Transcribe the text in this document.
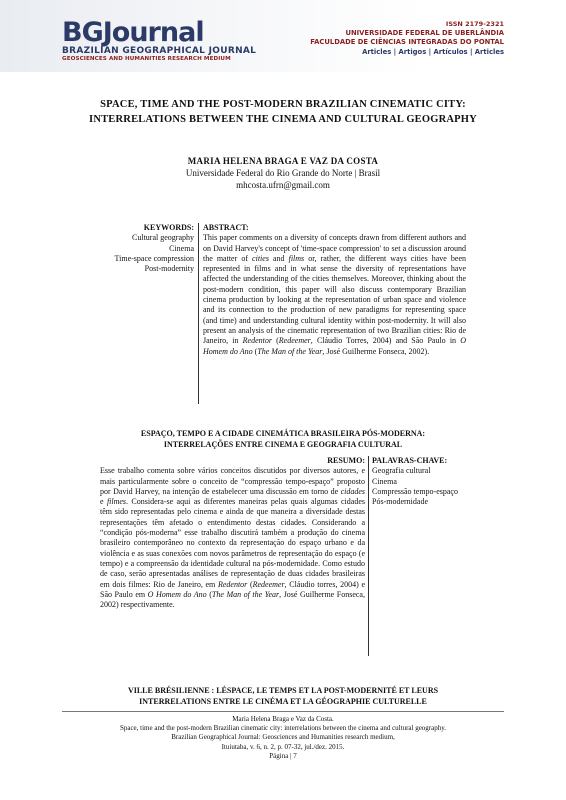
BGJournal
BRAZILIAN GEOGRAPHICAL JOURNAL
GEOSCIENCES AND HUMANITIES RESEARCH MEDIUM
ISSN 2179-2321
UNIVERSIDADE FEDERAL DE UBERLÂNDIA
FACULDADE DE CIÊNCIAS INTEGRADAS DO PONTAL
Articles | Artigos | Artículos | Articles
SPACE, TIME AND THE POST-MODERN BRAZILIAN CINEMATIC CITY:
INTERRELATIONS BETWEEN THE CINEMA AND CULTURAL GEOGRAPHY
MARIA HELENA BRAGA E VAZ DA COSTA
Universidade Federal do Rio Grande do Norte | Brasil
mhcosta.ufrn@gmail.com
KEYWORDS:
Cultural geography
Cinema
Time-space compression
Post-modernity
ABSTRACT:
This paper comments on a diversity of concepts drawn from different authors and on David Harvey's concept of 'time-space compression' to set a discussion around the matter of cities and films or, rather, the different ways cities have been represented in films and in what sense the diversity of representations have affected the understanding of the cities themselves. Moreover, thinking about the post-modern condition, this paper will also discuss contemporary Brazilian cinema production by looking at the representation of urban space and violence and its connection to the production of new paradigms for representing space (and time) and understanding cultural identity within post-modernity. It will also present an analysis of the cinematic representation of two Brazilian cities: Rio de Janeiro, in Redentor (Redeemer, Cláudio Torres, 2004) and São Paulo in O Homem do Ano (The Man of the Year, José Guilherme Fonseca, 2002).
ESPAÇO, TEMPO E A CIDADE CINEMÁTICA BRASILEIRA PÓS-MODERNA:
INTERRELAÇÕES ENTRE CINEMA E GEOGRAFIA CULTURAL
RESUMO:
Esse trabalho comenta sobre vários conceitos discutidos por diversos autores, e mais particularmente sobre o conceito de “compressão tempo-espaço” proposto por David Harvey, na intenção de estabelecer uma discussão em torno de cidades e filmes. Considera-se aqui as diferentes maneiras pelas quais algumas cidades têm sido representadas pelo cinema e ainda de que maneira a diversidade destas representações têm afetado o entendimento destas cidades. Considerando a “condição pós-moderna” esse trabalho discutirá também a produção do cinema brasileiro contemporâneo no contexto da representação do espaço urbano e da violência e as suas conexões com novos parâmetros de representação do espaço (e tempo) e a compreensão da identidade cultural na pós-modernidade. Como estudo de caso, serão apresentadas análises de representação de duas cidades brasileiras em dois filmes: Rio de Janeiro, em Redentor (Redeemer, Cláudio torres, 2004) e São Paulo em O Homem do Ano (The Man of the Year, José Guilherme Fonseca, 2002) respectivamente.
PALAVRAS-CHAVE:
Geografia cultural
Cinema
Compressão tempo-espaço
Pós-modernidade
VILLE BRÉSILIENNE : LÉSPACE, LE TEMPS ET LA POST-MODERNITÉ ET LEURS
INTERRELATIONS ENTRE LE CINÉMA ET LA GÉOGRAPHIE CULTURELLE
Maria Helena Braga e Vaz da Costa.
Space, time and the post-modern Brazilian cinematic city: interrelations between the cinema and cultural geography.
Brazilian Geographical Journal: Geosciences and Humanities research medium,
Ituiutaba, v. 6, n. 2, p. 07-32, jul./dez. 2015.
Página | 7
